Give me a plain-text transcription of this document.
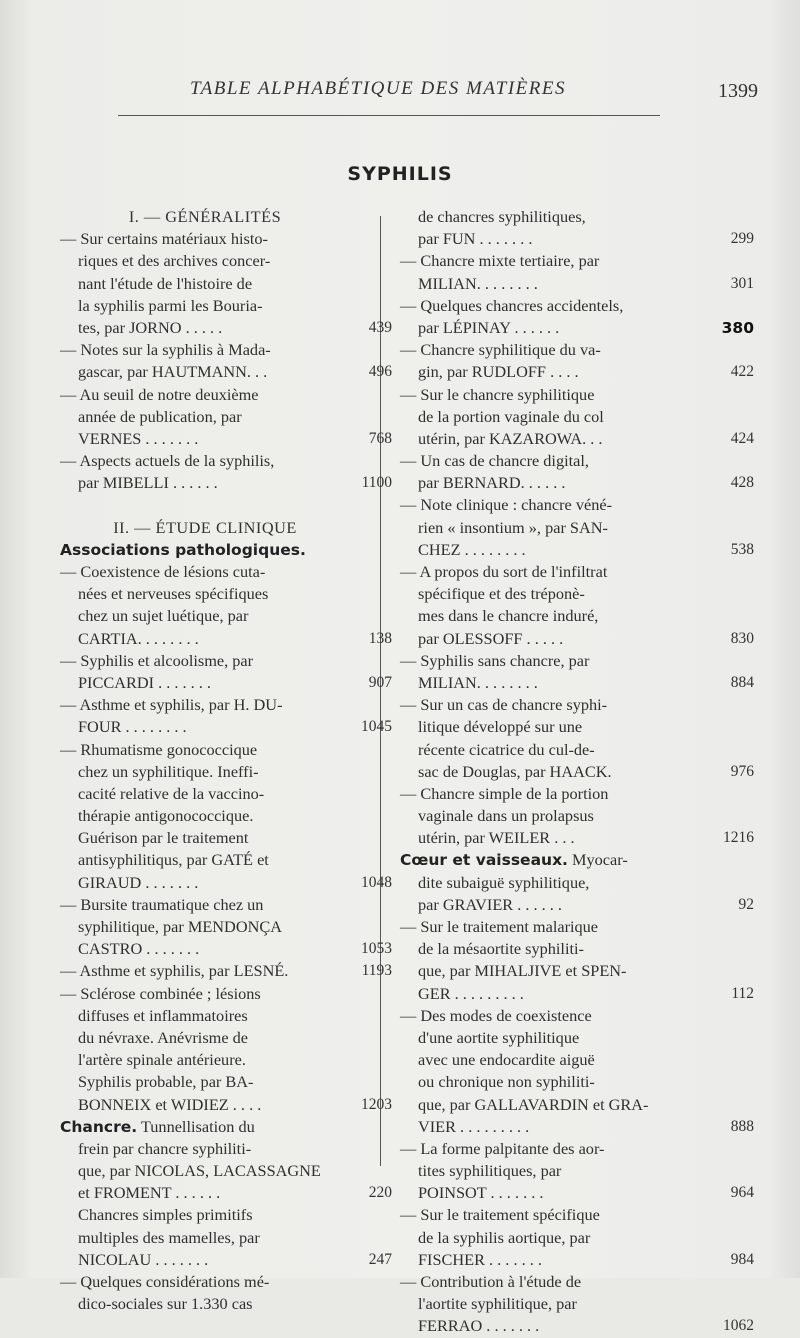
TABLE ALPHABÉTIQUE DES MATIÈRES	1399
SYPHILIS
I. — GÉNÉRALITÉS
— Sur certains matériaux histo-
riques et des archives concer-
nant l'étude de l'histoire de
la syphilis parmi les Bouria-
tes, par JORNO . . . . .	439
— Notes sur la syphilis à Mada-
gascar, par HAUTMANN. . .	496
— Au seuil de notre deuxième
année de publication, par
VERNES . . . . . . .	768
— Aspects actuels de la syphilis,
par MIBELLI . . . . . .	1100
II. — ÉTUDE CLINIQUE
Associations pathologiques.
— Coexistence de lésions cuta-
nées et nerveuses spécifiques
chez un sujet luétique, par
CARTIA. . . . . . . .	138
— Syphilis et alcoolisme, par
PICCARDI . . . . . . .	907
— Asthme et syphilis, par H. DU-
FOUR . . . . . . . .	1045
— Rhumatisme gonococcique
chez un syphilitique. Ineffi-
cacité relative de la vaccino-
thérapie antigonococcique.
Guérison par le traitement
antisyphilitiqus, par GATÉ et
GIRAUD . . . . . . .	1048
— Bursite traumatique chez un
syphilitique, par MENDONÇA
CASTRO . . . . . . .	1053
— Asthme et syphilis, par LESNÉ.	1193
— Sclérose combinée ; lésions
diffuses et inflammatoires
du névraxe. Anévrisme de
l'artère spinale antérieure.
Syphilis probable, par BA-
BONNEIX et WIDIEZ . . . .	1203
Chancre. Tunnellisation du
frein par chancre syphiliti-
que, par NICOLAS, LACASSAGNE
et FROMENT . . . . . .	220
Chancres simples primitifs
multiples des mamelles, par
NICOLAU . . . . . . .	247
— Quelques considérations mé-
dico-sociales sur 1.330 cas
de chancres syphilitiques,
par FUN . . . . . . .	299
— Chancre mixte tertiaire, par
MILIAN. . . . . . . .	301
— Quelques chancres accidentels,
par LÉPINAY . . . . . .	380
— Chancre syphilitique du va-
gin, par RUDLOFF . . . .	422
— Sur le chancre syphilitique
de la portion vaginale du col
utérin, par KAZAROWA. . .	424
— Un cas de chancre digital,
par BERNARD. . . . . .	428
— Note clinique : chancre véné-
rien « insontium », par SAN-
CHEZ . . . . . . . .	538
— A propos du sort de l'infiltrat
spécifique et des tréponè-
mes dans le chancre induré,
par OLESSOFF . . . . .	830
— Syphilis sans chancre, par
MILIAN. . . . . . . .	884
— Sur un cas de chancre syphi-
litique développé sur une
récente cicatrice du cul-de-
sac de Douglas, par HAACK.	976
— Chancre simple de la portion
vaginale dans un prolapsus
utérin, par WEILER . . .	1216
Cœur et vaisseaux. Myocar-
dite subaiguë syphilitique,
par GRAVIER . . . . . .	92
— Sur le traitement malarique
de la mésaortite syphiliti-
que, par MIHALJIVE et SPEN-
GER . . . . . . . . .	112
— Des modes de coexistence
d'une aortite syphilitique
avec une endocardite aiguë
ou chronique non syphiliti-
que, par GALLAVARDIN et GRA-
VIER . . . . . . . . .	888
— La forme palpitante des aor-
tites syphilitiques, par
POINSOT . . . . . . .	964
— Sur le traitement spécifique
de la syphilis aortique, par
FISCHER . . . . . . .	984
— Contribution à l'étude de
l'aortite syphilitique, par
FERRAO . . . . . . .	1062
